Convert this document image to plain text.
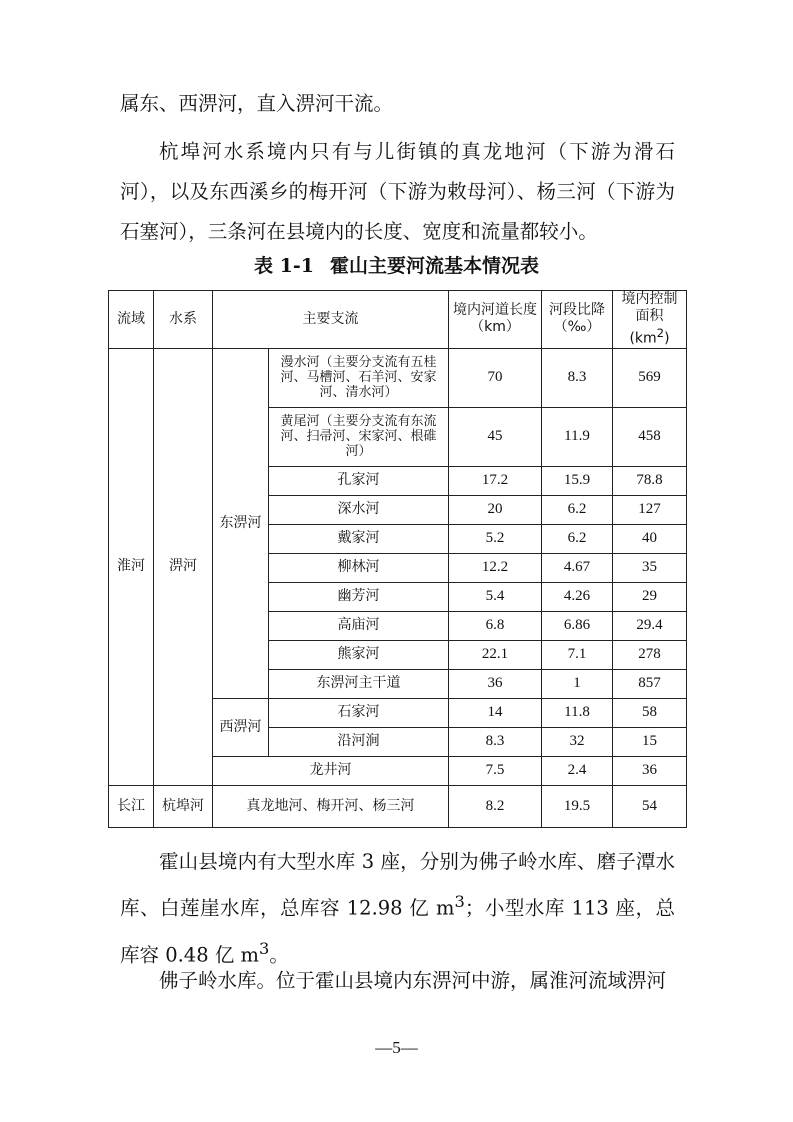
属东、西淠河，直入淠河干流。

杭埠河水系境内只有与儿街镇的真龙地河（下游为滑石河），以及东西溪乡的梅开河（下游为敕母河）、杨三河（下游为石塞河），三条河在县境内的长度、宽度和流量都较小。

表 1-1 霍山主要河流基本情况表

流域	水系	主要支流		境内河道长度（km）	河段比降（‰）	境内控制面积$(km^2)$
淮河	淠河	东淠河	漫水河（主要分支流有五桂河、马槽河、石羊河、安家河、清水河）	70	8.3	569
			黄尾河（主要分支流有东流河、扫帚河、宋家河、根碓河）	45	11.9	458
			孔家河	17.2	15.9	78.8
			深水河	20	6.2	127
			戴家河	5.2	6.2	40
			柳林河	12.2	4.67	35
			幽芳河	5.4	4.26	29
			高庙河	6.8	6.86	29.4
			熊家河	22.1	7.1	278
			东淠河主干道	36	1	857
		西淠河	石家河	14	11.8	58
			沿河涧	8.3	32	15
		龙井河		7.5	2.4	36
长江	杭埠河	真龙地河、梅开河、杨三河		8.2	19.5	54

霍山县境内有大型水库 3 座，分别为佛子岭水库、磨子潭水库、白莲崖水库，总库容 12.98 亿 $m^3$；小型水库 113 座，总库容 0.48 亿 $m^3$。

佛子岭水库。位于霍山县境内东淠河中游，属淮河流域淠河

—5—
